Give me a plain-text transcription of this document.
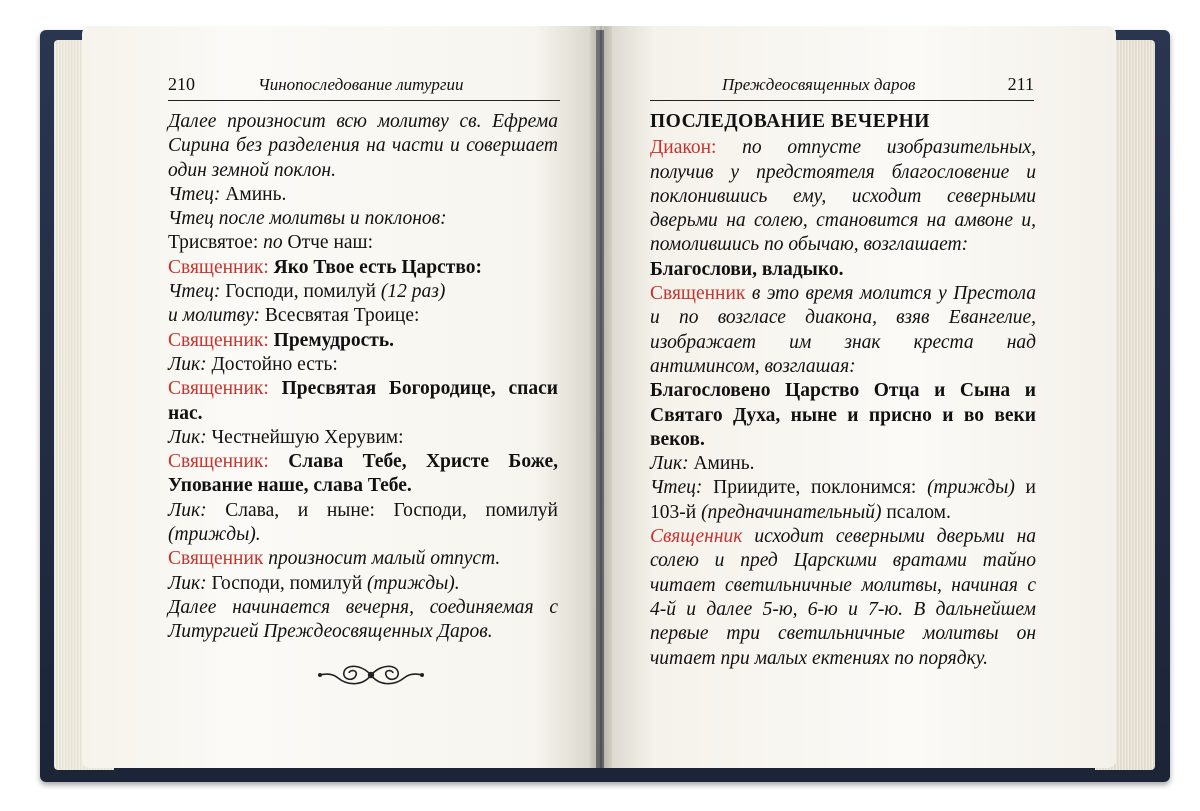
210	Чинопоследование литургии	Преждеосвященных даров	211

Далее произносит всю молитву св. Ефрема Сирина без разделения на части и совершает один земной поклон.

Чтец: Аминь.

Чтец после молитвы и поклонов:

Трисвятое: по Отче наш:

Священник: Яко Твое есть Царство:

Чтец: Господи, помилуй (12 раз)

и молитву: Всесвятая Троице:

Священник: Премудрость.

Лик: Достойно есть:

Священник: Пресвятая Богородице, спаси нас.

Лик: Честнейшую Херувим:

Священник: Слава Тебе, Христе Боже, Упование наше, слава Тебе.

Лик: Слава, и ныне: Господи, помилуй (трижды).

Священник произносит малый отпуст.

Лик: Господи, помилуй (трижды).

Далее начинается вечерня, соединяемая с Литургией Преждеосвященных Даров.

ПОСЛЕДОВАНИЕ ВЕЧЕРНИ

Диакон: по отпусте изобразительных, получив у предстоятеля благословение и поклонившись ему, исходит северными дверьми на солею, становится на амвоне и, помолившись по обычаю, возглашает:

Благослови, владыко.

Священник в это время молится у Престола и по возгласе диакона, взяв Евангелие, изображает им знак креста над антиминсом, возглашая:

Благословено Царство Отца и Сына и Святаго Духа, ныне и присно и во веки веков.

Лик: Аминь.

Чтец: Приидите, поклонимся: (трижды) и 103-й (предначинательный) псалом.

Священник исходит северными дверьми на солею и пред Царскими вратами тайно читает светильничные молитвы, начиная с 4-й и далее 5-ю, 6-ю и 7-ю. В дальнейшем первые три светильничные молитвы он читает при малых ектениях по порядку.
